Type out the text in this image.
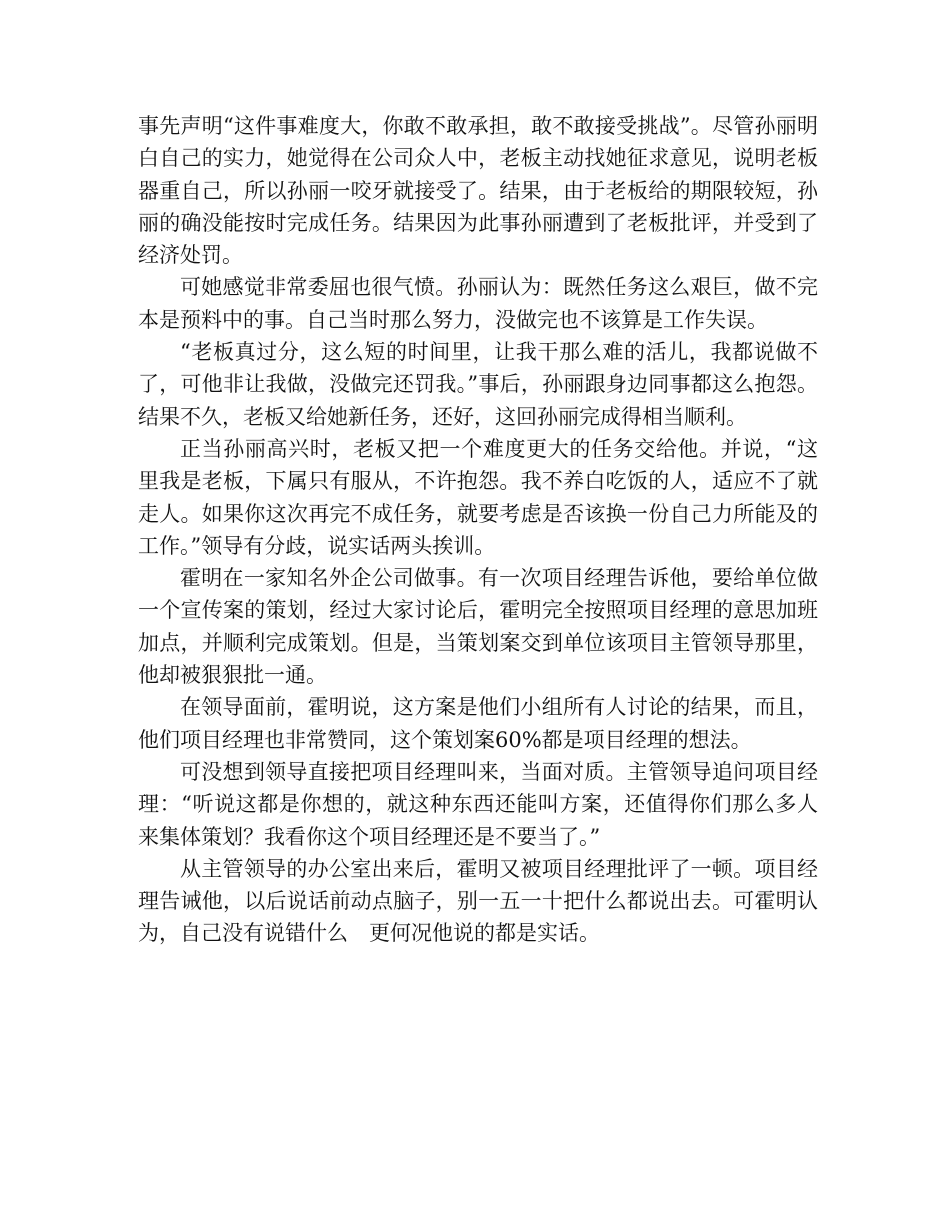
事先声明“这件事难度大，你敢不敢承担，敢不敢接受挑战”。尽管孙丽明白自己的实力，她觉得在公司众人中，老板主动找她征求意见，说明老板器重自己，所以孙丽一咬牙就接受了。结果，由于老板给的期限较短，孙丽的确没能按时完成任务。结果因为此事孙丽遭到了老板批评，并受到了经济处罚。

可她感觉非常委屈也很气愤。孙丽认为：既然任务这么艰巨，做不完本是预料中的事。自己当时那么努力，没做完也不该算是工作失误。

“老板真过分，这么短的时间里，让我干那么难的活儿，我都说做不了，可他非让我做，没做完还罚我。”事后，孙丽跟身边同事都这么抱怨。结果不久，老板又给她新任务，还好，这回孙丽完成得相当顺利。

正当孙丽高兴时，老板又把一个难度更大的任务交给他。并说，“这里我是老板，下属只有服从，不许抱怨。我不养白吃饭的人，适应不了就走人。如果你这次再完不成任务，就要考虑是否该换一份自己力所能及的工作。”领导有分歧，说实话两头挨训。

霍明在一家知名外企公司做事。有一次项目经理告诉他，要给单位做一个宣传案的策划，经过大家讨论后，霍明完全按照项目经理的意思加班加点，并顺利完成策划。但是，当策划案交到单位该项目主管领导那里，他却被狠狠批一通。

在领导面前，霍明说，这方案是他们小组所有人讨论的结果，而且，他们项目经理也非常赞同，这个策划案60%都是项目经理的想法。

可没想到领导直接把项目经理叫来，当面对质。主管领导追问项目经理：“听说这都是你想的，就这种东西还能叫方案，还值得你们那么多人来集体策划？我看你这个项目经理还是不要当了。”

从主管领导的办公室出来后，霍明又被项目经理批评了一顿。项目经理告诫他，以后说话前动点脑子，别一五一十把什么都说出去。可霍明认为，自己没有说错什么　更何况他说的都是实话。
